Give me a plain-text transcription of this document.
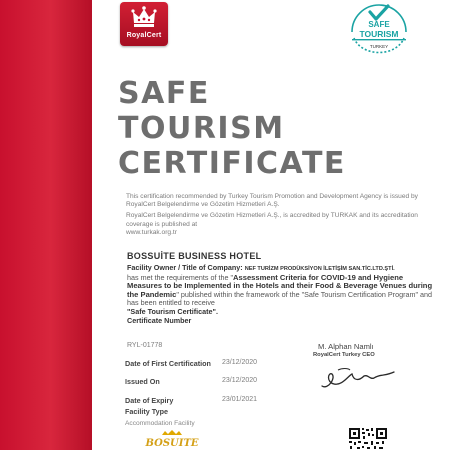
RoyalCert
SAFE
TOURISM
TURKEY
SAFE
TOURISM
CERTIFICATE

This certification recommended by Turkey Tourism Promotion and Development Agency is issued by RoyalCert Belgelendirme ve Gözetim Hizmetleri A.Ş.

RoyalCert Belgelendirme ve Gözetim Hizmetleri A.Ş., is accredited by TURKAK and its accreditation coverage is published at
www.turkak.org.tr

BOSSUİTE BUSINESS HOTEL
Facility Owner / Title of Company: NEF TURİZM PRODÜKSİYON İLETİŞİM SAN.TİC.LTD.ŞTİ.
has met the requirements of the "Assessment Criteria for COVID-19 and Hygiene Measures to be Implemented in the Hotels and their Food & Beverage Venues during the Pandemic" published within the framework of the "Safe Tourism Certification Program" and has been entitled to receive
"Safe Tourism Certificate".
Certificate Number
RYL-01778
Date of First Certification 23/12/2020
Issued On	23/12/2020
Date of Expiry	23/01/2021
Facility Type
Accommodation Facility
M. Alphan Namlı
RoyalCert Turkey CEO
BOSUITE
